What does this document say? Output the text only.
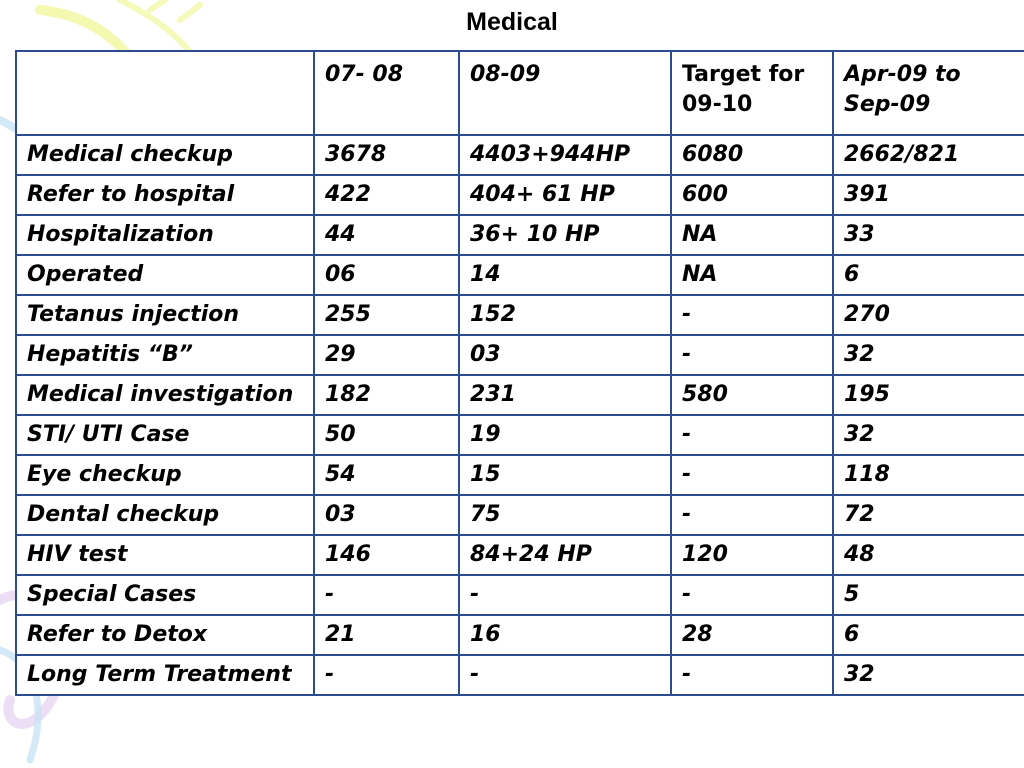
Medical
	07- 08	08-09	Target for 09-10	Apr-09 to Sep-09
Medical checkup	3678	4403+944HP	6080	2662/821
Refer to hospital	422	404+ 61 HP	600	391
Hospitalization	44	36+ 10 HP	NA	33
Operated	06	14	NA	6
Tetanus injection	255	152	-	270
Hepatitis “B”	29	03	-	32
Medical investigation	182	231	580	195
STI/ UTI Case	50	19	-	32
Eye checkup	54	15	-	118
Dental checkup	03	75	-	72
HIV test	146	84+24 HP	120	48
Special Cases	-	-	-	5
Refer to Detox	21	16	28	6
Long Term Treatment	-	-	-	32
